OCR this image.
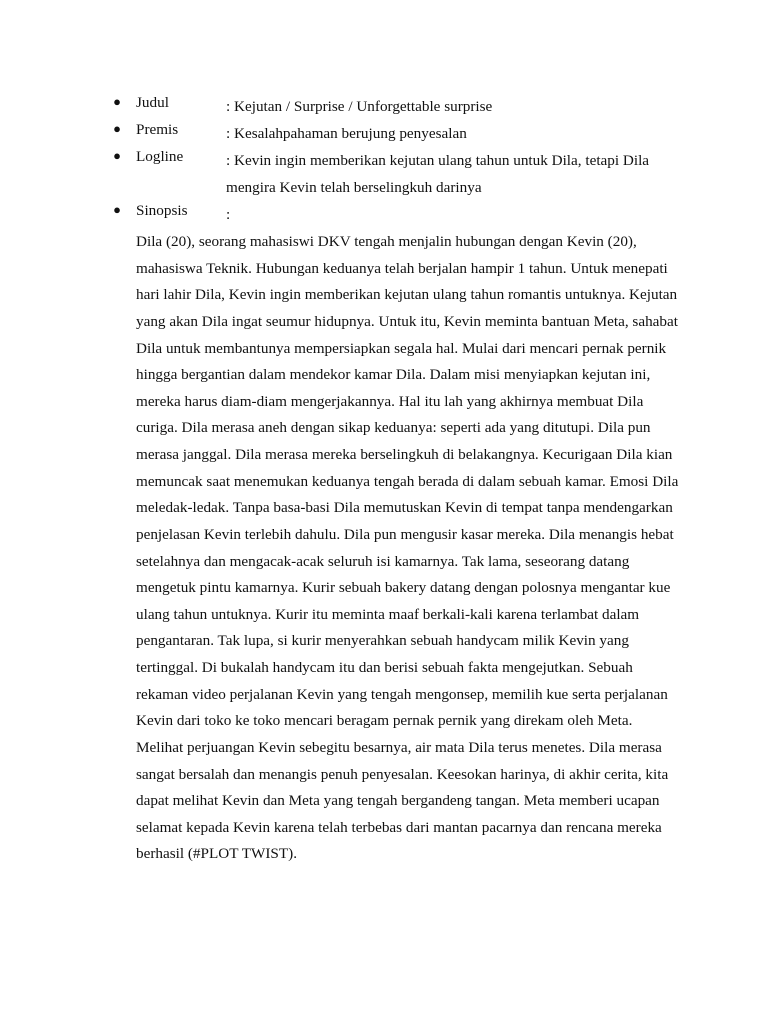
● Judul	: Kejutan / Surprise / Unforgettable surprise
● Premis	: Kesalahpahaman berujung penyesalan
● Logline	: Kevin ingin memberikan kejutan ulang tahun untuk Dila, tetapi Dila
mengira Kevin telah berselingkuh darinya
● Sinopsis	:
Dila (20), seorang mahasiswi DKV tengah menjalin hubungan dengan Kevin (20),
mahasiswa Teknik. Hubungan keduanya telah berjalan hampir 1 tahun. Untuk menepati
hari lahir Dila, Kevin ingin memberikan kejutan ulang tahun romantis untuknya. Kejutan
yang akan Dila ingat seumur hidupnya. Untuk itu, Kevin meminta bantuan Meta, sahabat
Dila untuk membantunya mempersiapkan segala hal. Mulai dari mencari pernak pernik
hingga bergantian dalam mendekor kamar Dila. Dalam misi menyiapkan kejutan ini,
mereka harus diam-diam mengerjakannya. Hal itu lah yang akhirnya membuat Dila
curiga. Dila merasa aneh dengan sikap keduanya: seperti ada yang ditutupi. Dila pun
merasa janggal. Dila merasa mereka berselingkuh di belakangnya. Kecurigaan Dila kian
memuncak saat menemukan keduanya tengah berada di dalam sebuah kamar. Emosi Dila
meledak-ledak. Tanpa basa-basi Dila memutuskan Kevin di tempat tanpa mendengarkan
penjelasan Kevin terlebih dahulu. Dila pun mengusir kasar mereka. Dila menangis hebat
setelahnya dan mengacak-acak seluruh isi kamarnya. Tak lama, seseorang datang
mengetuk pintu kamarnya. Kurir sebuah bakery datang dengan polosnya mengantar kue
ulang tahun untuknya. Kurir itu meminta maaf berkali-kali karena terlambat dalam
pengantaran. Tak lupa, si kurir menyerahkan sebuah handycam milik Kevin yang
tertinggal. Di bukalah handycam itu dan berisi sebuah fakta mengejutkan. Sebuah
rekaman video perjalanan Kevin yang tengah mengonsep, memilih kue serta perjalanan
Kevin dari toko ke toko mencari beragam pernak pernik yang direkam oleh Meta.
Melihat perjuangan Kevin sebegitu besarnya, air mata Dila terus menetes. Dila merasa
sangat bersalah dan menangis penuh penyesalan. Keesokan harinya, di akhir cerita, kita
dapat melihat Kevin dan Meta yang tengah bergandeng tangan. Meta memberi ucapan
selamat kepada Kevin karena telah terbebas dari mantan pacarnya dan rencana mereka
berhasil (#PLOT TWIST).
